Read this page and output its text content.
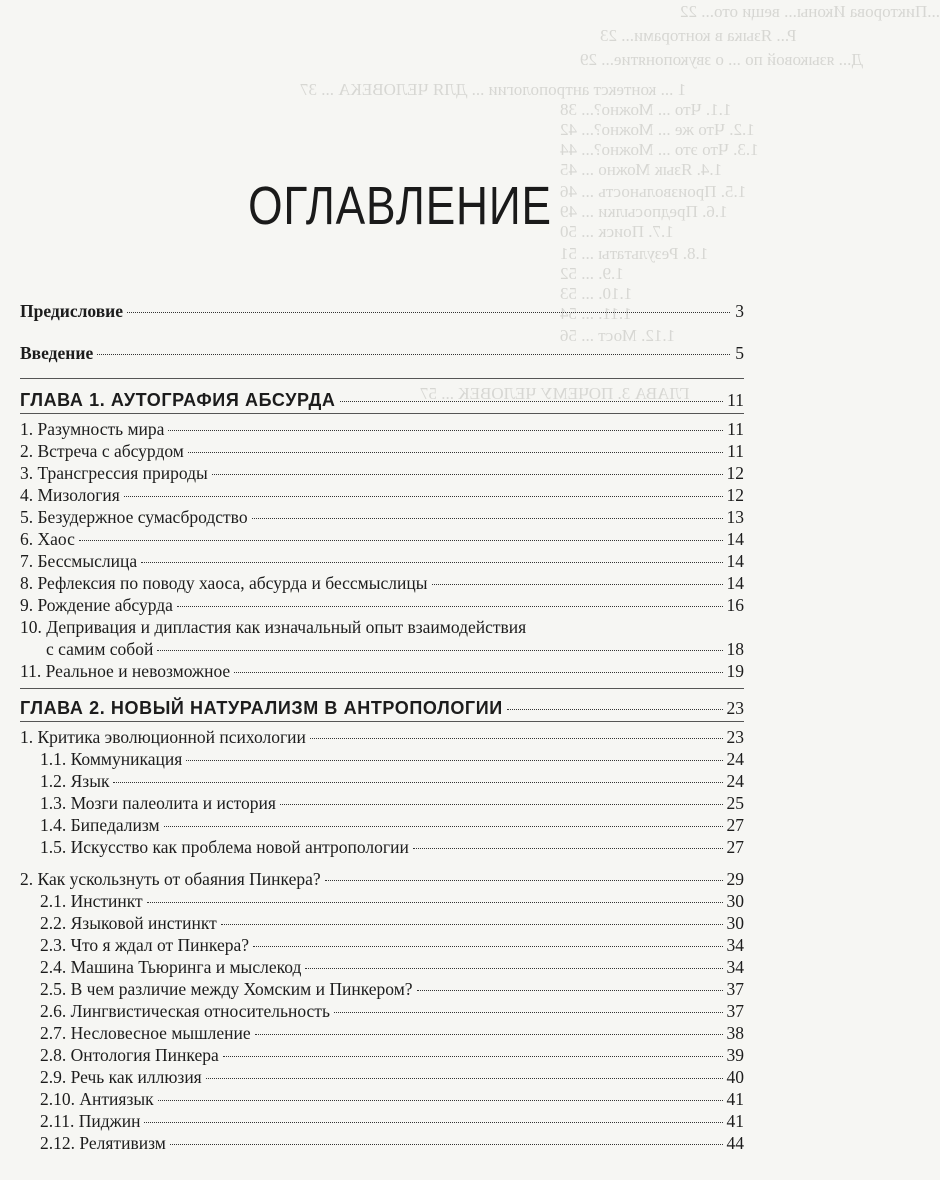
...Пикторова Иконы... вещи ото... 22
Р... Языка в конторами... 23
Д... языковой по ... о звукопонятие... 29
1 ... контекст антропологии ... ДЛЯ ЧЕЛОВЕКА ... 37
1.1. Что ... Можно?... 38
1.2. Что же ... Можно?... 42
1.3. Что это ... Можно?... 44
1.4. Язык Можно ... 45
1.5. Произвольность ... 46
1.6. Предпосылки ... 49
1.7. Поиск ... 50
1.8. Результаты ... 51
1.9. ... 52
1.10. ... 53
1.11. ... 54
1.12. Мост ... 56
ГЛАВА 3. ПОЧЕМУ ЧЕЛОВЕК ... 57
ОГЛАВЛЕНИЕ
Предисловие	3
Введение	5
ГЛАВА 1. АУТОГРАФИЯ АБСУРДА	11
1. Разумность мира	11
2. Встреча с абсурдом	11
3. Трансгрессия природы	12
4. Мизология	12
5. Безудержное сумасбродство	13
6. Хаос	14
7. Бессмыслица	14
8. Рефлексия по поводу хаоса, абсурда и бессмыслицы	14
9. Рождение абсурда	16
10. Депривация и дипластия как изначальный опыт взаимодействия
с самим собой	18
11. Реальное и невозможное	19
ГЛАВА 2. НОВЫЙ НАТУРАЛИЗМ В АНТРОПОЛОГИИ	23
1. Критика эволюционной психологии	23
1.1. Коммуникация	24
1.2. Язык	24
1.3. Мозги палеолита и история	25
1.4. Бипедализм	27
1.5. Искусство как проблема новой антропологии	27
2. Как ускользнуть от обаяния Пинкера?	29
2.1. Инстинкт	30
2.2. Языковой инстинкт	30
2.3. Что я ждал от Пинкера?	34
2.4. Машина Тьюринга и мыслекод	34
2.5. В чем различие между Хомским и Пинкером?	37
2.6. Лингвистическая относительность	37
2.7. Несловесное мышление	38
2.8. Онтология Пинкера	39
2.9. Речь как иллюзия	40
2.10. Антиязык	41
2.11. Пиджин	41
2.12. Релятивизм	44
